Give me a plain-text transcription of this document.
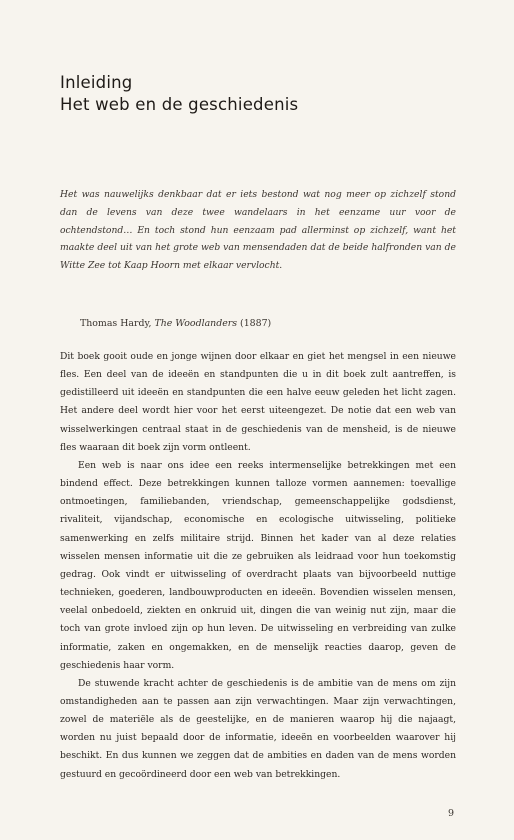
Inleiding
Het web en de geschiedenis

Het was nauwelijks denkbaar dat er iets bestond wat nog meer op zichzelf stond dan de levens van deze twee wandelaars in het eenzame uur voor de ochtendstond… En toch stond hun eenzaam pad allerminst op zichzelf, want het maakte deel uit van het grote web van mensendaden dat de beide halfronden van de Witte Zee tot Kaap Hoorn met elkaar vervlocht.

Thomas Hardy, The Woodlanders (1887)

Dit boek gooit oude en jonge wijnen door elkaar en giet het mengsel in een nieuwe fles. Een deel van de ideeën en standpunten die u in dit boek zult aantreffen, is gedistilleerd uit ideeën en standpunten die een halve eeuw geleden het licht zagen. Het andere deel wordt hier voor het eerst uiteengezet. De notie dat een web van wisselwerkingen centraal staat in de geschiedenis van de mensheid, is de nieuwe fles waaraan dit boek zijn vorm ontleent.

Een web is naar ons idee een reeks intermenselijke betrekkingen met een bindend effect. Deze betrekkingen kunnen talloze vormen aannemen: toevallige ontmoetingen, familiebanden, vriendschap, gemeenschappelijke godsdienst, rivaliteit, vijandschap, economische en ecologische uitwisseling, politieke samenwerking en zelfs militaire strijd. Binnen het kader van al deze relaties wisselen mensen informatie uit die ze gebruiken als leidraad voor hun toekomstig gedrag. Ook vindt er uitwisseling of overdracht plaats van bijvoorbeeld nuttige technieken, goederen, landbouwproducten en ideeën. Bovendien wisselen mensen, veelal onbedoeld, ziekten en onkruid uit, dingen die van weinig nut zijn, maar die toch van grote invloed zijn op hun leven. De uitwisseling en verbreiding van zulke informatie, zaken en ongemakken, en de menselijk reacties daarop, geven de geschiedenis haar vorm.

De stuwende kracht achter de geschiedenis is de ambitie van de mens om zijn omstandigheden aan te passen aan zijn verwachtingen. Maar zijn verwachtingen, zowel de materiële als de geestelijke, en de manieren waarop hij die najaagt, worden nu juist bepaald door de informatie, ideeën en voorbeelden waarover hij beschikt. En dus kunnen we zeggen dat de ambities en daden van de mens worden gestuurd en gecoördineerd door een web van betrekkingen.

9
